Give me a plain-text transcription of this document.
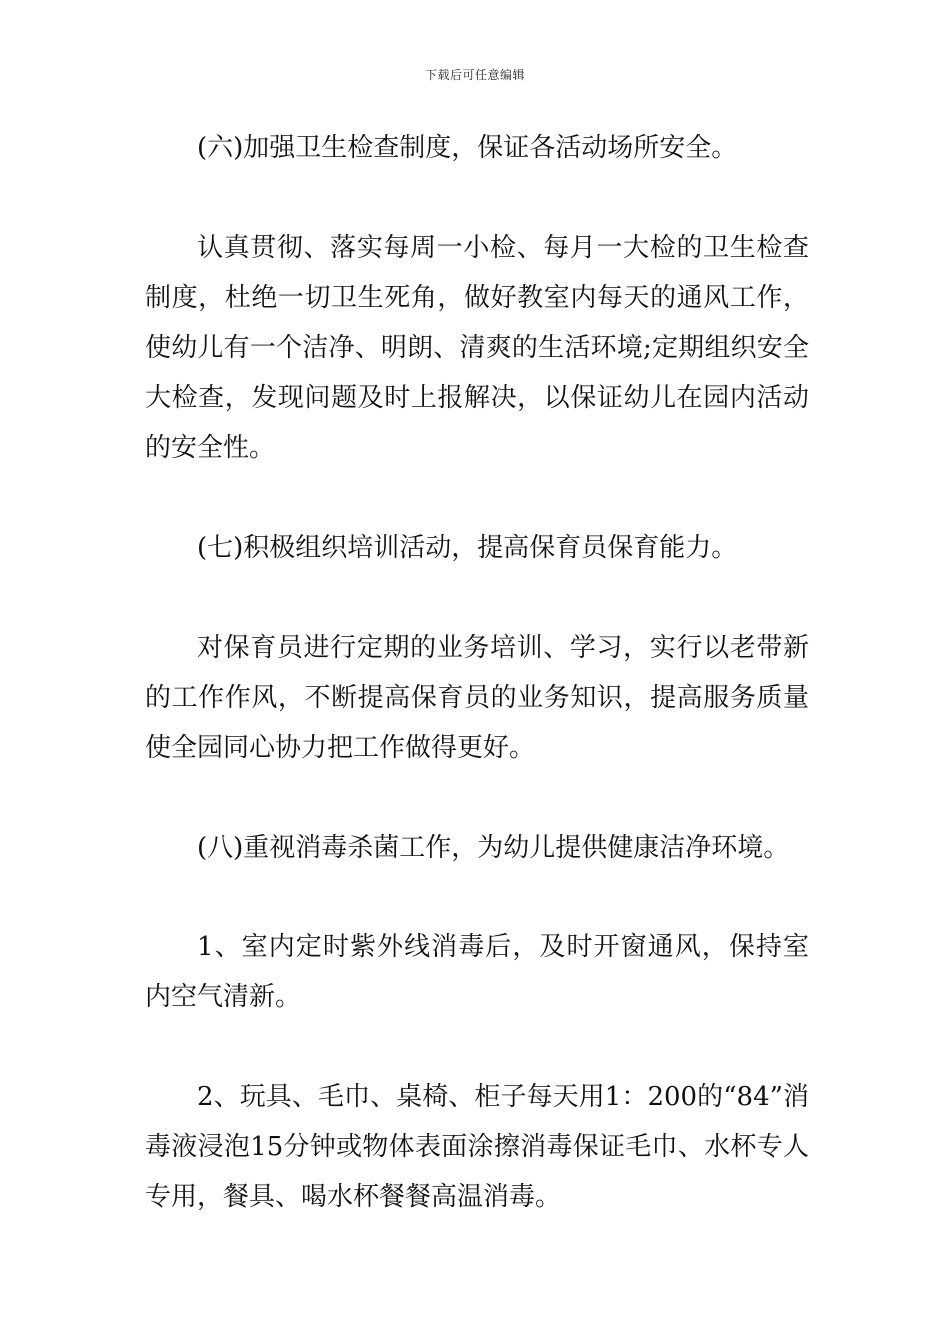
下载后可任意编辑

(六)加强卫生检查制度，保证各活动场所安全。

认真贯彻、落实每周一小检、每月一大检的卫生检查制度，杜绝一切卫生死角，做好教室内每天的通风工作，使幼儿有一个洁净、明朗、清爽的生活环境;定期组织安全大检查，发现问题及时上报解决，以保证幼儿在园内活动的安全性。

(七)积极组织培训活动，提高保育员保育能力。

对保育员进行定期的业务培训、学习，实行以老带新的工作作风，不断提高保育员的业务知识，提高服务质量使全园同心协力把工作做得更好。

(八)重视消毒杀菌工作，为幼儿提供健康洁净环境。

1、室内定时紫外线消毒后，及时开窗通风，保持室内空气清新。

2、玩具、毛巾、桌椅、柜子每天用1：200的“84”消毒液浸泡15分钟或物体表面涂擦消毒保证毛巾、水杯专人专用，餐具、喝水杯餐餐高温消毒。
